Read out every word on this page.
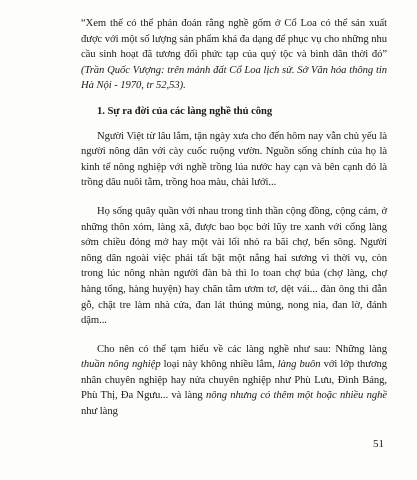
“Xem thế có thể phán đoán rằng nghề gốm ở Cổ Loa có thể sản xuất được với một số lượng sản phẩm khá đa dạng để phục vụ cho những nhu cầu sinh hoạt đã tương đối phức tạp của quý tộc và bình dân thời đó” (Trần Quốc Vượng: trên mảnh đất Cổ Loa lịch sử. Sở Văn hóa thông tin Hà Nội - 1970, tr 52,53).

1. Sự ra đời của các làng nghề thủ công

Người Việt từ lâu lắm, tận ngày xưa cho đến hôm nay vẫn chủ yếu là người nông dân với cày cuốc ruộng vườn. Nguồn sống chính của họ là kinh tế nông nghiệp với nghề trồng lúa nước hay cạn và bên cạnh đó là trồng dâu nuôi tằm, trồng hoa màu, chài lưới...

Họ sống quây quần với nhau trong tình thần cộng đồng, cộng cảm, ở những thôn xóm, làng xã, được bao bọc bởi lũy tre xanh với cổng làng sớm chiều đóng mở hay một vài lối nhỏ ra bãi chợ, bến sông. Người nông dân ngoài việc phải tất bật một nắng hai sương vì thời vụ, còn trong lúc nông nhàn người đàn bà thì lo toan chợ búa (chợ làng, chợ hàng tổng, hàng huyện) hay chăn tằm ươm tơ, dệt vải... đàn ông thì đẵn gỗ, chặt tre làm nhà cửa, đan lát thúng mủng, nong nia, đan lờ, đánh dậm...

Cho nên có thể tạm hiểu về các làng nghề như sau: Những làng thuần nông nghiệp loại này không nhiều lắm, làng buôn với lớp thương nhân chuyên nghiệp hay nửa chuyên nghiệp như Phù Lưu, Đình Bảng, Phù Thị, Đa Ngưu... và làng nông nhưng có thêm một hoặc nhiều nghề như làng

51
